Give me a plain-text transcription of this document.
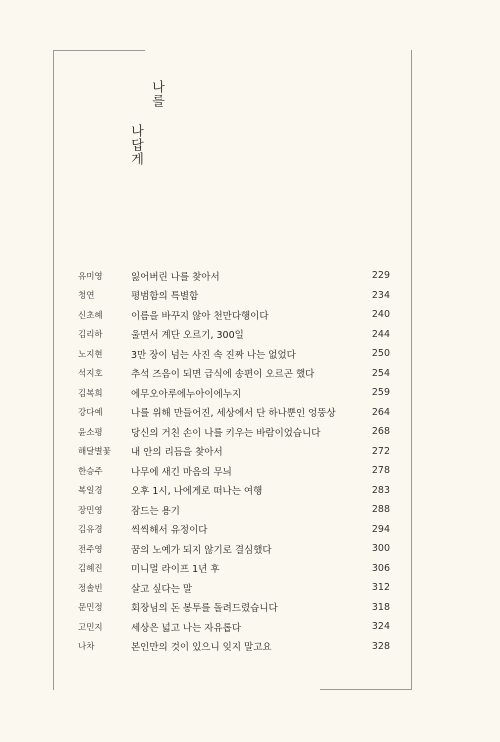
나를
나답게
유미영	잃어버린 나를 찾아서	229
청연	평범함의 특별함	234
신초혜	이름을 바꾸지 않아 천만다행이다	240
김리하	울면서 계단 오르기, 300일	244
노지현	3만 장이 넘는 사진 속 진짜 나는 없었다	250
석지호	추석 즈음이 되면 급식에 송편이 오르곤 했다	254
김복희	에무오아루에누아이에누지	259
강다예	나를 위해 만들어진, 세상에서 단 하나뿐인 엉뚱상	264
윤소평	당신의 거친 손이 나를 키우는 바람이었습니다	268
해달별꽃	내 안의 리듬을 찾아서	272
한승주	나무에 새긴 마음의 무늬	278
복일경	오후 1시, 나에게로 떠나는 여행	283
장민영	잠드는 용기	288
김유경	씩씩해서 유정이다	294
전주영	꿈의 노예가 되지 않기로 결심했다	300
김혜진	미니멀 라이프 1년 후	306
정솔빈	살고 싶다는 말	312
문민정	회장님의 돈 봉투를 돌려드렸습니다	318
고민지	세상은 넓고 나는 자유롭다	324
나차	본인만의 것이 있으니 잊지 말고요	328
